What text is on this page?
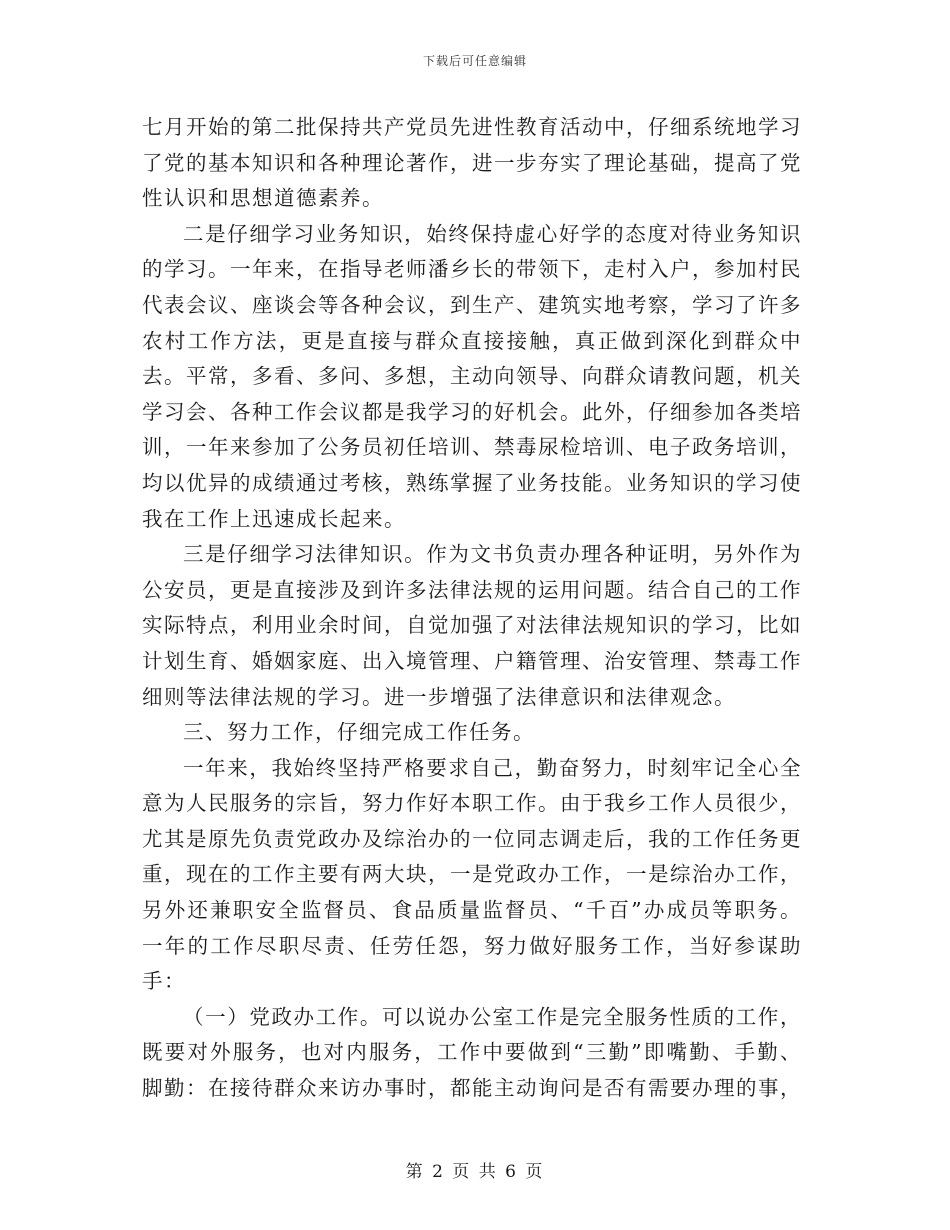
下载后可任意编辑

七月开始的第二批保持共产党员先进性教育活动中，仔细系统地学习了党的基本知识和各种理论著作，进一步夯实了理论基础，提高了党性认识和思想道德素养。

二是仔细学习业务知识，始终保持虚心好学的态度对待业务知识的学习。一年来，在指导老师潘乡长的带领下，走村入户，参加村民代表会议、座谈会等各种会议，到生产、建筑实地考察，学习了许多农村工作方法，更是直接与群众直接接触，真正做到深化到群众中去。平常，多看、多问、多想，主动向领导、向群众请教问题，机关学习会、各种工作会议都是我学习的好机会。此外，仔细参加各类培训，一年来参加了公务员初任培训、禁毒尿检培训、电子政务培训，均以优异的成绩通过考核，熟练掌握了业务技能。业务知识的学习使我在工作上迅速成长起来。

三是仔细学习法律知识。作为文书负责办理各种证明，另外作为公安员，更是直接涉及到许多法律法规的运用问题。结合自己的工作实际特点，利用业余时间，自觉加强了对法律法规知识的学习，比如计划生育、婚姻家庭、出入境管理、户籍管理、治安管理、禁毒工作细则等法律法规的学习。进一步增强了法律意识和法律观念。

三、努力工作，仔细完成工作任务。

一年来，我始终坚持严格要求自己，勤奋努力，时刻牢记全心全意为人民服务的宗旨，努力作好本职工作。由于我乡工作人员很少，尤其是原先负责党政办及综治办的一位同志调走后，我的工作任务更重，现在的工作主要有两大块，一是党政办工作，一是综治办工作，另外还兼职安全监督员、食品质量监督员、“千百”办成员等职务。一年的工作尽职尽责、任劳任怨，努力做好服务工作，当好参谋助手：

（一）党政办工作。可以说办公室工作是完全服务性质的工作，既要对外服务，也对内服务，工作中要做到“三勤”即嘴勤、手勤、脚勤：在接待群众来访办事时，都能主动询问是否有需要办理的事，

第 2 页 共 6 页
